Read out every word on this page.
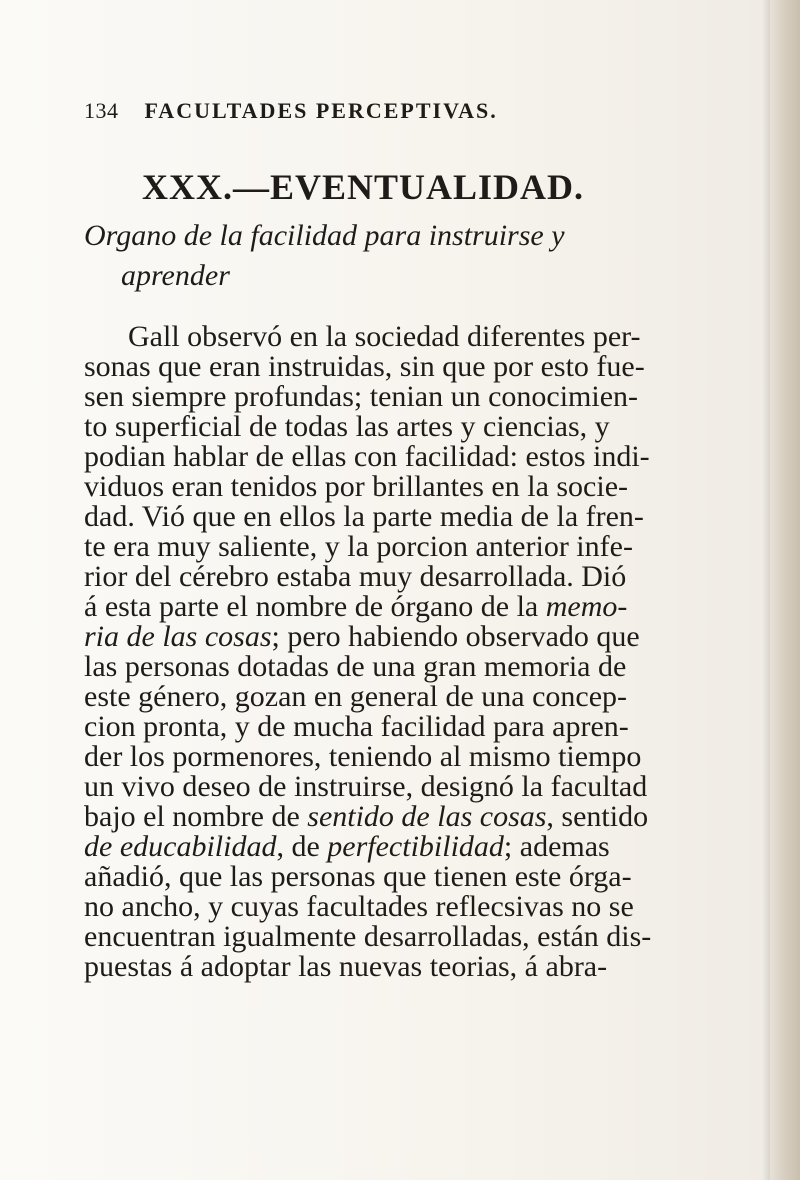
134 FACULTADES PERCEPTIVAS.
XXX.—EVENTUALIDAD.
Organo de la facilidad para instruirse y
aprender
Gall observó en la sociedad diferentes per-
sonas que eran instruidas, sin que por esto fue-
sen siempre profundas; tenian un conocimien-
to superficial de todas las artes y ciencias, y
podian hablar de ellas con facilidad: estos indi-
viduos eran tenidos por brillantes en la socie-
dad. Vió que en ellos la parte media de la fren-
te era muy saliente, y la porcion anterior infe-
rior del cérebro estaba muy desarrollada. Dió
á esta parte el nombre de órgano de la memo-
ria de las cosas; pero habiendo observado que
las personas dotadas de una gran memoria de
este género, gozan en general de una concep-
cion pronta, y de mucha facilidad para apren-
der los pormenores, teniendo al mismo tiempo
un vivo deseo de instruirse, designó la facultad
bajo el nombre de sentido de las cosas, sentido
de educabilidad, de perfectibilidad; ademas
añadió, que las personas que tienen este órga-
no ancho, y cuyas facultades reflecsivas no se
encuentran igualmente desarrolladas, están dis-
puestas á adoptar las nuevas teorias, á abra-
